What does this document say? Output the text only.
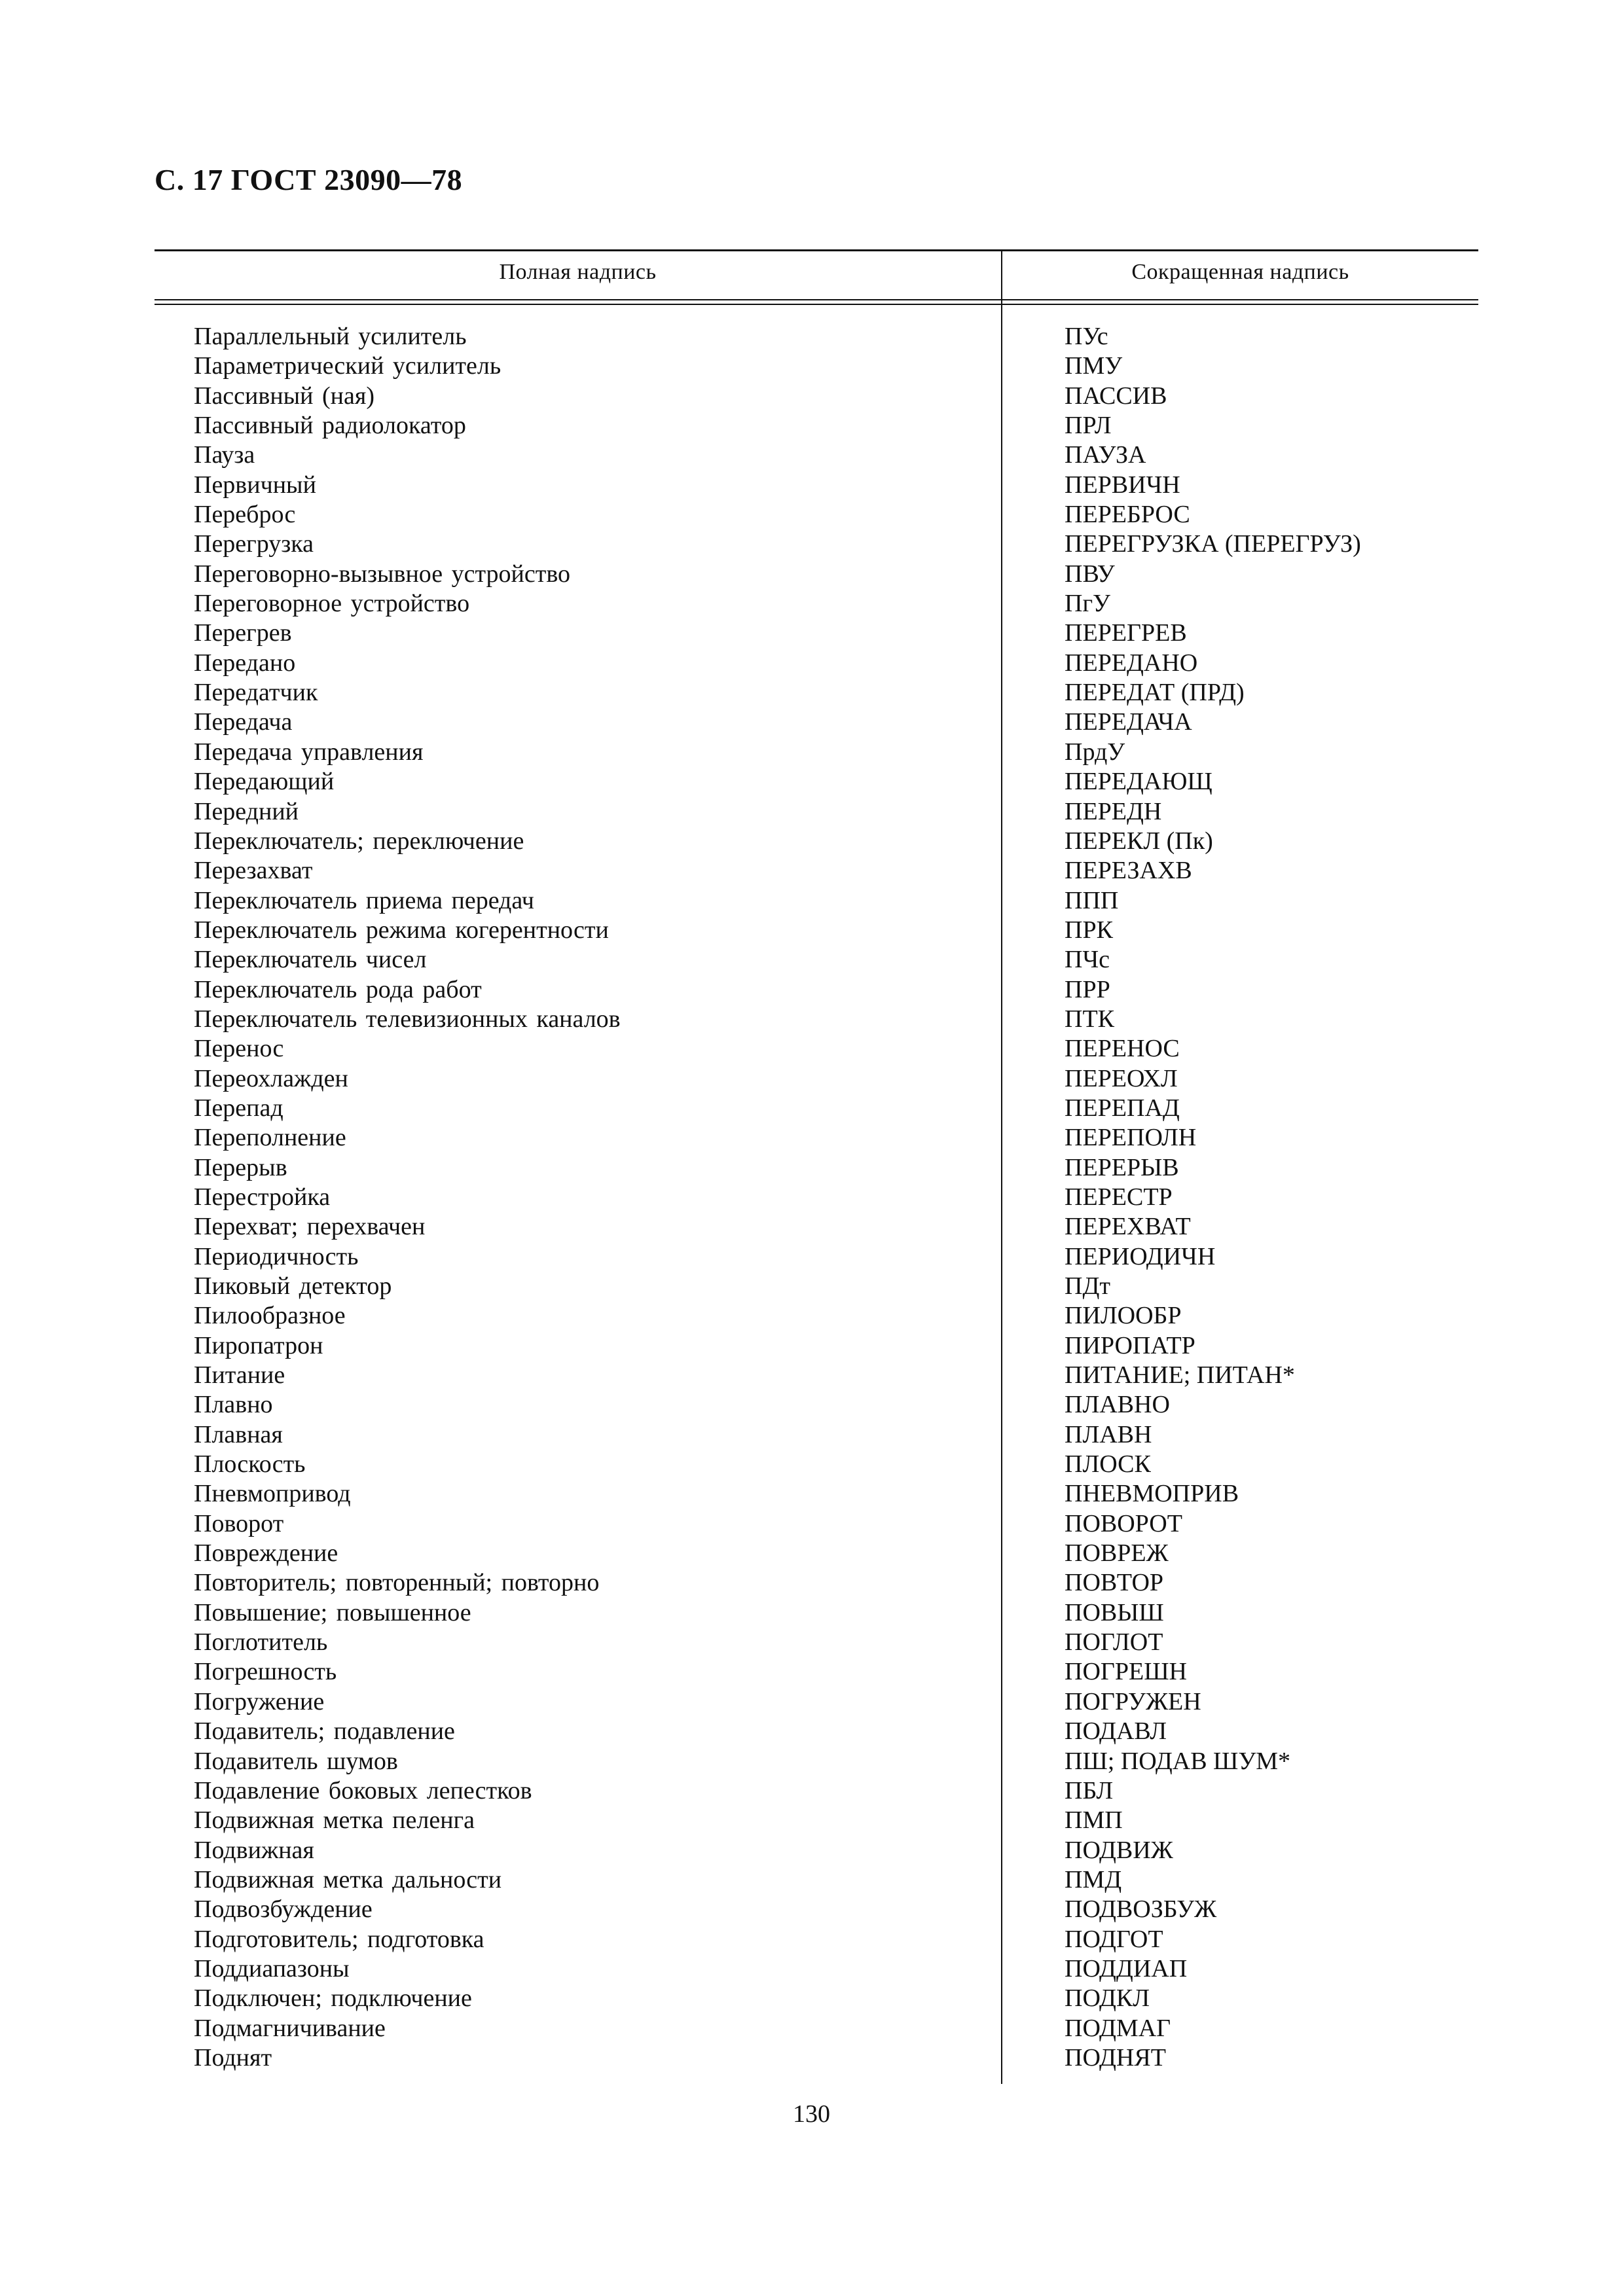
С. 17 ГОСТ 23090—78
Полная надпись	Сокращенная надпись
Параллельный усилитель	ПУс
Параметрический усилитель	ПМУ
Пассивный (ная)	ПАССИВ
Пассивный радиолокатор	ПРЛ
Пауза	ПАУЗА
Первичный	ПЕРВИЧН
Переброс	ПЕРЕБРОС
Перегрузка	ПЕРЕГРУЗКА (ПЕРЕГРУЗ)
Переговорно-вызывное устройство	ПВУ
Переговорное устройство	ПгУ
Перегрев	ПЕРЕГРЕВ
Передано	ПЕРЕДАНО
Передатчик	ПЕРЕДАТ (ПРД)
Передача	ПЕРЕДАЧА
Передача управления	ПрдУ
Передающий	ПЕРЕДАЮЩ
Передний	ПЕРЕДН
Переключатель; переключение	ПЕРЕКЛ (Пк)
Перезахват	ПЕРЕЗАХВ
Переключатель приема передач	ППП
Переключатель режима когерентности	ПРК
Переключатель чисел	ПЧс
Переключатель рода работ	ПРР
Переключатель телевизионных каналов	ПТК
Перенос	ПЕРЕНОС
Переохлажден	ПЕРЕОХЛ
Перепад	ПЕРЕПАД
Переполнение	ПЕРЕПОЛН
Перерыв	ПЕРЕРЫВ
Перестройка	ПЕРЕСТР
Перехват; перехвачен	ПЕРЕХВАТ
Периодичность	ПЕРИОДИЧН
Пиковый детектор	ПДт
Пилообразное	ПИЛООБР
Пиропатрон	ПИРОПАТР
Питание	ПИТАНИЕ; ПИТАН*
Плавно	ПЛАВНО
Плавная	ПЛАВН
Плоскость	ПЛОСК
Пневмопривод	ПНЕВМОПРИВ
Поворот	ПОВОРОТ
Повреждение	ПОВРЕЖ
Повторитель; повторенный; повторно	ПОВТОР
Повышение; повышенное	ПОВЫШ
Поглотитель	ПОГЛОТ
Погрешность	ПОГРЕШН
Погружение	ПОГРУЖЕН
Подавитель; подавление	ПОДАВЛ
Подавитель шумов	ПШ; ПОДАВ ШУМ*
Подавление боковых лепестков	ПБЛ
Подвижная метка пеленга	ПМП
Подвижная	ПОДВИЖ
Подвижная метка дальности	ПМД
Подвозбуждение	ПОДВОЗБУЖ
Подготовитель; подготовка	ПОДГОТ
Поддиапазоны	ПОДДИАП
Подключен; подключение	ПОДКЛ
Подмагничивание	ПОДМАГ
Поднят	ПОДНЯТ
130
